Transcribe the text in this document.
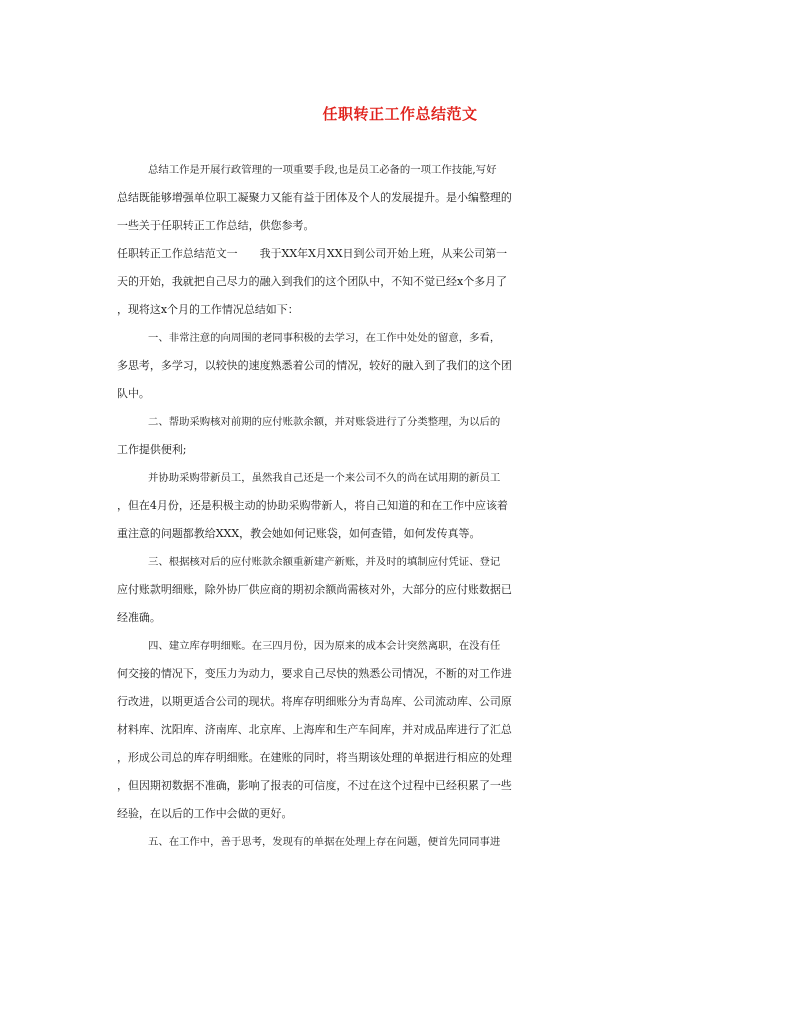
任职转正工作总结范文
总结工作是开展行政管理的一项重要手段,也是员工必备的一项工作技能,写好
总结既能够增强单位职工凝聚力又能有益于团体及个人的发展提升。是小编整理的
一些关于任职转正工作总结，供您参考。
任职转正工作总结范文一　　我于XX年X月XX日到公司开始上班，从来公司第一
天的开始，我就把自己尽力的融入到我们的这个团队中，不知不觉已经x个多月了
，现将这x个月的工作情况总结如下：
一、非常注意的向周围的老同事积极的去学习，在工作中处处的留意，多看，
多思考，多学习，以较快的速度熟悉着公司的情况，较好的融入到了我们的这个团
队中。
二、帮助采购核对前期的应付账款余额，并对账袋进行了分类整理，为以后的
工作提供便利;
并协助采购带新员工，虽然我自己还是一个来公司不久的尚在试用期的新员工
，但在4月份，还是积极主动的协助采购带新人，将自己知道的和在工作中应该着
重注意的问题都教给XXX，教会她如何记账袋，如何查错，如何发传真等。
三、根据核对后的应付账款余额重新建产新账，并及时的填制应付凭证、登记
应付账款明细账，除外协厂供应商的期初余额尚需核对外，大部分的应付账数据已
经准确。
四、建立库存明细账。在三四月份，因为原来的成本会计突然离职，在没有任
何交接的情况下，变压力为动力，要求自己尽快的熟悉公司情况，不断的对工作进
行改进，以期更适合公司的现状。将库存明细账分为青岛库、公司流动库、公司原
材料库、沈阳库、济南库、北京库、上海库和生产车间库，并对成品库进行了汇总
，形成公司总的库存明细账。在建账的同时，将当期该处理的单据进行相应的处理
，但因期初数据不准确，影响了报表的可信度，不过在这个过程中已经积累了一些
经验，在以后的工作中会做的更好。
五、在工作中，善于思考，发现有的单据在处理上存在问题，便首先同同事进
